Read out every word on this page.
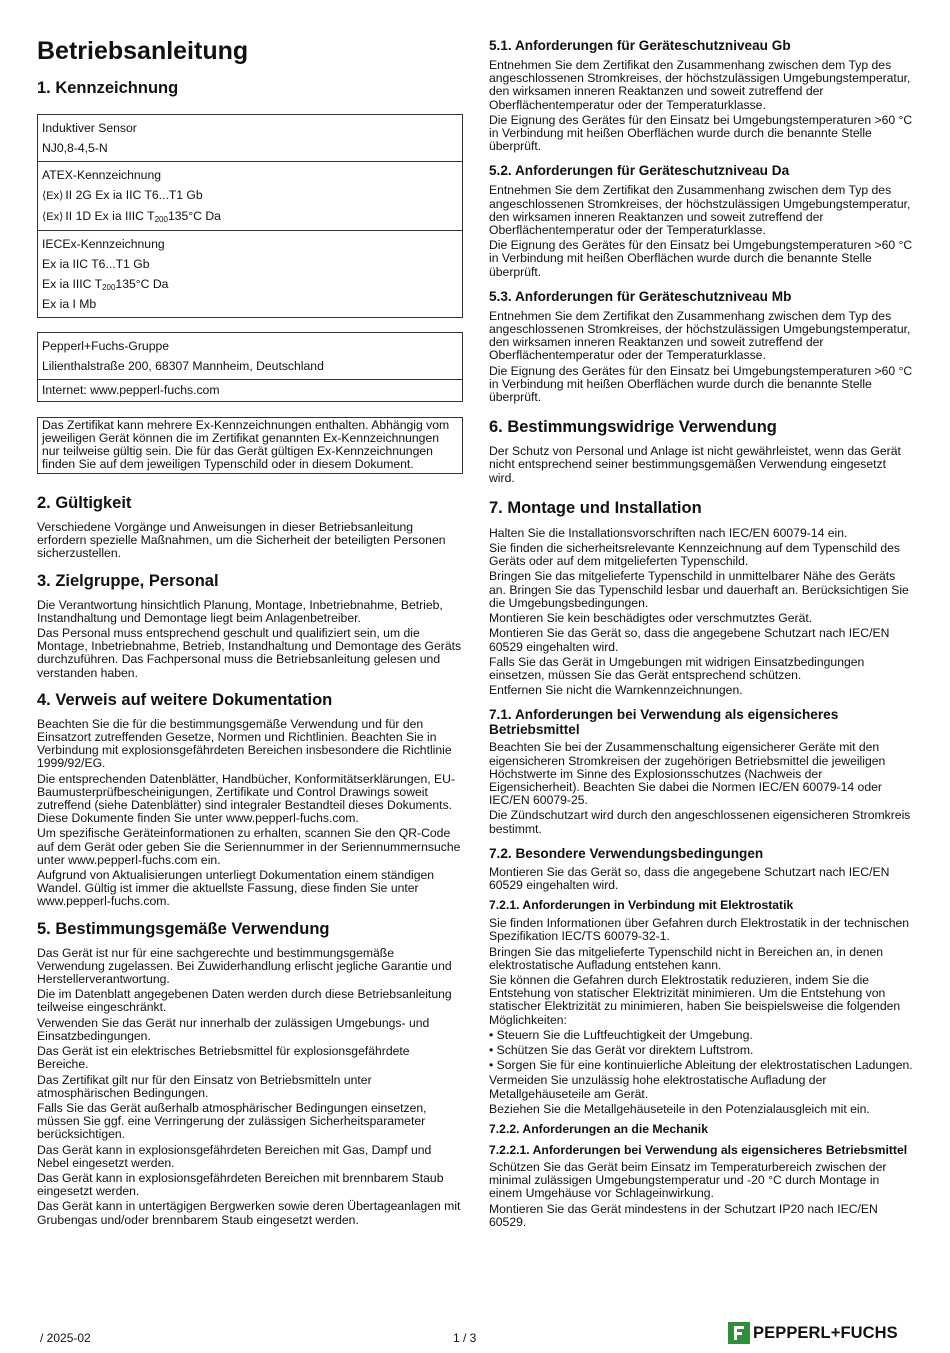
Betriebsanleitung
1. Kennzeichnung
Induktiver Sensor
NJ0,8-4,5-N
ATEX-Kennzeichnung
⟨Ex⟩ II 2G Ex ia IIC T6...T1 Gb
⟨Ex⟩ II 1D Ex ia IIIC $T_{200}135^\circ C$ Da
IECEx-Kennzeichnung
Ex ia IIC T6...T1 Gb
Ex ia IIIC $T_{200}135^\circ C$ Da
Ex ia I Mb
Pepperl+Fuchs-Gruppe
Lilienthalstraße 200, 68307 Mannheim, Deutschland
Internet: www.pepperl-fuchs.com
Das Zertifikat kann mehrere Ex-Kennzeichnungen enthalten. Abhängig vom jeweiligen Gerät können die im Zertifikat genannten Ex-Kennzeichnungen nur teilweise gültig sein. Die für das Gerät gültigen Ex-Kennzeichnungen finden Sie auf dem jeweiligen Typenschild oder in diesem Dokument.
2. Gültigkeit

Verschiedene Vorgänge und Anweisungen in dieser Betriebsanleitung erfordern spezielle Maßnahmen, um die Sicherheit der beteiligten Personen sicherzustellen.

3. Zielgruppe, Personal

Die Verantwortung hinsichtlich Planung, Montage, Inbetriebnahme, Betrieb, Instandhaltung und Demontage liegt beim Anlagenbetreiber.

Das Personal muss entsprechend geschult und qualifiziert sein, um die Montage, Inbetriebnahme, Betrieb, Instandhaltung und Demontage des Geräts durchzuführen. Das Fachpersonal muss die Betriebsanleitung gelesen und verstanden haben.

4. Verweis auf weitere Dokumentation

Beachten Sie die für die bestimmungsgemäße Verwendung und für den Einsatzort zutreffenden Gesetze, Normen und Richtlinien. Beachten Sie in Verbindung mit explosionsgefährdeten Bereichen insbesondere die Richtlinie 1999/92/EG.

Die entsprechenden Datenblätter, Handbücher, Konformitätserklärungen, EU-Baumusterprüfbescheinigungen, Zertifikate und Control Drawings soweit zutreffend (siehe Datenblätter) sind integraler Bestandteil dieses Dokuments. Diese Dokumente finden Sie unter www.pepperl-fuchs.com.

Um spezifische Geräteinformationen zu erhalten, scannen Sie den QR-Code auf dem Gerät oder geben Sie die Seriennummer in der Seriennummernsuche unter www.pepperl-fuchs.com ein.

Aufgrund von Aktualisierungen unterliegt Dokumentation einem ständigen Wandel. Gültig ist immer die aktuellste Fassung, diese finden Sie unter www.pepperl-fuchs.com.

5. Bestimmungsgemäße Verwendung

Das Gerät ist nur für eine sachgerechte und bestimmungsgemäße Verwendung zugelassen. Bei Zuwiderhandlung erlischt jegliche Garantie und Herstellerverantwortung.

Die im Datenblatt angegebenen Daten werden durch diese Betriebsanleitung teilweise eingeschränkt.

Verwenden Sie das Gerät nur innerhalb der zulässigen Umgebungs- und Einsatzbedingungen.

Das Gerät ist ein elektrisches Betriebsmittel für explosionsgefährdete Bereiche.

Das Zertifikat gilt nur für den Einsatz von Betriebsmitteln unter atmosphärischen Bedingungen.

Falls Sie das Gerät außerhalb atmosphärischer Bedingungen einsetzen, müssen Sie ggf. eine Verringerung der zulässigen Sicherheitsparameter berücksichtigen.

Das Gerät kann in explosionsgefährdeten Bereichen mit Gas, Dampf und Nebel eingesetzt werden.

Das Gerät kann in explosionsgefährdeten Bereichen mit brennbarem Staub eingesetzt werden.

Das Gerät kann in untertägigen Bergwerken sowie deren Übertageanlagen mit Grubengas und/oder brennbarem Staub eingesetzt werden.

5.1. Anforderungen für Geräteschutzniveau Gb

Entnehmen Sie dem Zertifikat den Zusammenhang zwischen dem Typ des angeschlossenen Stromkreises, der höchstzulässigen Umgebungstemperatur, den wirksamen inneren Reaktanzen und soweit zutreffend der Oberflächentemperatur oder der Temperaturklasse.

Die Eignung des Gerätes für den Einsatz bei Umgebungstemperaturen >60 °C in Verbindung mit heißen Oberflächen wurde durch die benannte Stelle überprüft.

5.2. Anforderungen für Geräteschutzniveau Da

Entnehmen Sie dem Zertifikat den Zusammenhang zwischen dem Typ des angeschlossenen Stromkreises, der höchstzulässigen Umgebungstemperatur, den wirksamen inneren Reaktanzen und soweit zutreffend der Oberflächentemperatur oder der Temperaturklasse.

Die Eignung des Gerätes für den Einsatz bei Umgebungstemperaturen >60 °C in Verbindung mit heißen Oberflächen wurde durch die benannte Stelle überprüft.

5.3. Anforderungen für Geräteschutzniveau Mb

Entnehmen Sie dem Zertifikat den Zusammenhang zwischen dem Typ des angeschlossenen Stromkreises, der höchstzulässigen Umgebungstemperatur, den wirksamen inneren Reaktanzen und soweit zutreffend der Oberflächentemperatur oder der Temperaturklasse.

Die Eignung des Gerätes für den Einsatz bei Umgebungstemperaturen >60 °C in Verbindung mit heißen Oberflächen wurde durch die benannte Stelle überprüft.

6. Bestimmungswidrige Verwendung

Der Schutz von Personal und Anlage ist nicht gewährleistet, wenn das Gerät nicht entsprechend seiner bestimmungsgemäßen Verwendung eingesetzt wird.

7. Montage und Installation

Halten Sie die Installationsvorschriften nach IEC/EN 60079-14 ein.

Sie finden die sicherheitsrelevante Kennzeichnung auf dem Typenschild des Geräts oder auf dem mitgelieferten Typenschild.

Bringen Sie das mitgelieferte Typenschild in unmittelbarer Nähe des Geräts an. Bringen Sie das Typenschild lesbar und dauerhaft an. Berücksichtigen Sie die Umgebungsbedingungen.

Montieren Sie kein beschädigtes oder verschmutztes Gerät.

Montieren Sie das Gerät so, dass die angegebene Schutzart nach IEC/EN 60529 eingehalten wird.

Falls Sie das Gerät in Umgebungen mit widrigen Einsatzbedingungen einsetzen, müssen Sie das Gerät entsprechend schützen.

Entfernen Sie nicht die Warnkennzeichnungen.

7.1. Anforderungen bei Verwendung als eigensicheres Betriebsmittel

Beachten Sie bei der Zusammenschaltung eigensicherer Geräte mit den eigensicheren Stromkreisen der zugehörigen Betriebsmittel die jeweiligen Höchstwerte im Sinne des Explosionsschutzes (Nachweis der Eigensicherheit). Beachten Sie dabei die Normen IEC/EN 60079-14 oder IEC/EN 60079-25.

Die Zündschutzart wird durch den angeschlossenen eigensicheren Stromkreis bestimmt.

7.2. Besondere Verwendungsbedingungen

Montieren Sie das Gerät so, dass die angegebene Schutzart nach IEC/EN 60529 eingehalten wird.

7.2.1. Anforderungen in Verbindung mit Elektrostatik

Sie finden Informationen über Gefahren durch Elektrostatik in der technischen Spezifikation IEC/TS 60079-32-1.

Bringen Sie das mitgelieferte Typenschild nicht in Bereichen an, in denen elektrostatische Aufladung entstehen kann.

Sie können die Gefahren durch Elektrostatik reduzieren, indem Sie die Entstehung von statischer Elektrizität minimieren. Um die Entstehung von statischer Elektrizität zu minimieren, haben Sie beispielsweise die folgenden Möglichkeiten:

• Steuern Sie die Luftfeuchtigkeit der Umgebung.

• Schützen Sie das Gerät vor direktem Luftstrom.

• Sorgen Sie für eine kontinuierliche Ableitung der elektrostatischen Ladungen.

Vermeiden Sie unzulässig hohe elektrostatische Aufladung der Metallgehäuseteile am Gerät.

Beziehen Sie die Metallgehäuseteile in den Potenzialausgleich mit ein.

7.2.2. Anforderungen an die Mechanik
7.2.2.1. Anforderungen bei Verwendung als eigensicheres Betriebsmittel

Schützen Sie das Gerät beim Einsatz im Temperaturbereich zwischen der minimal zulässigen Umgebungstemperatur und -20 °C durch Montage in einem Umgehäuse vor Schlageinwirkung.

Montieren Sie das Gerät mindestens in der Schutzart IP20 nach IEC/EN 60529.

/ 2025-02	1 / 3	PEPPERL+FUCHS
